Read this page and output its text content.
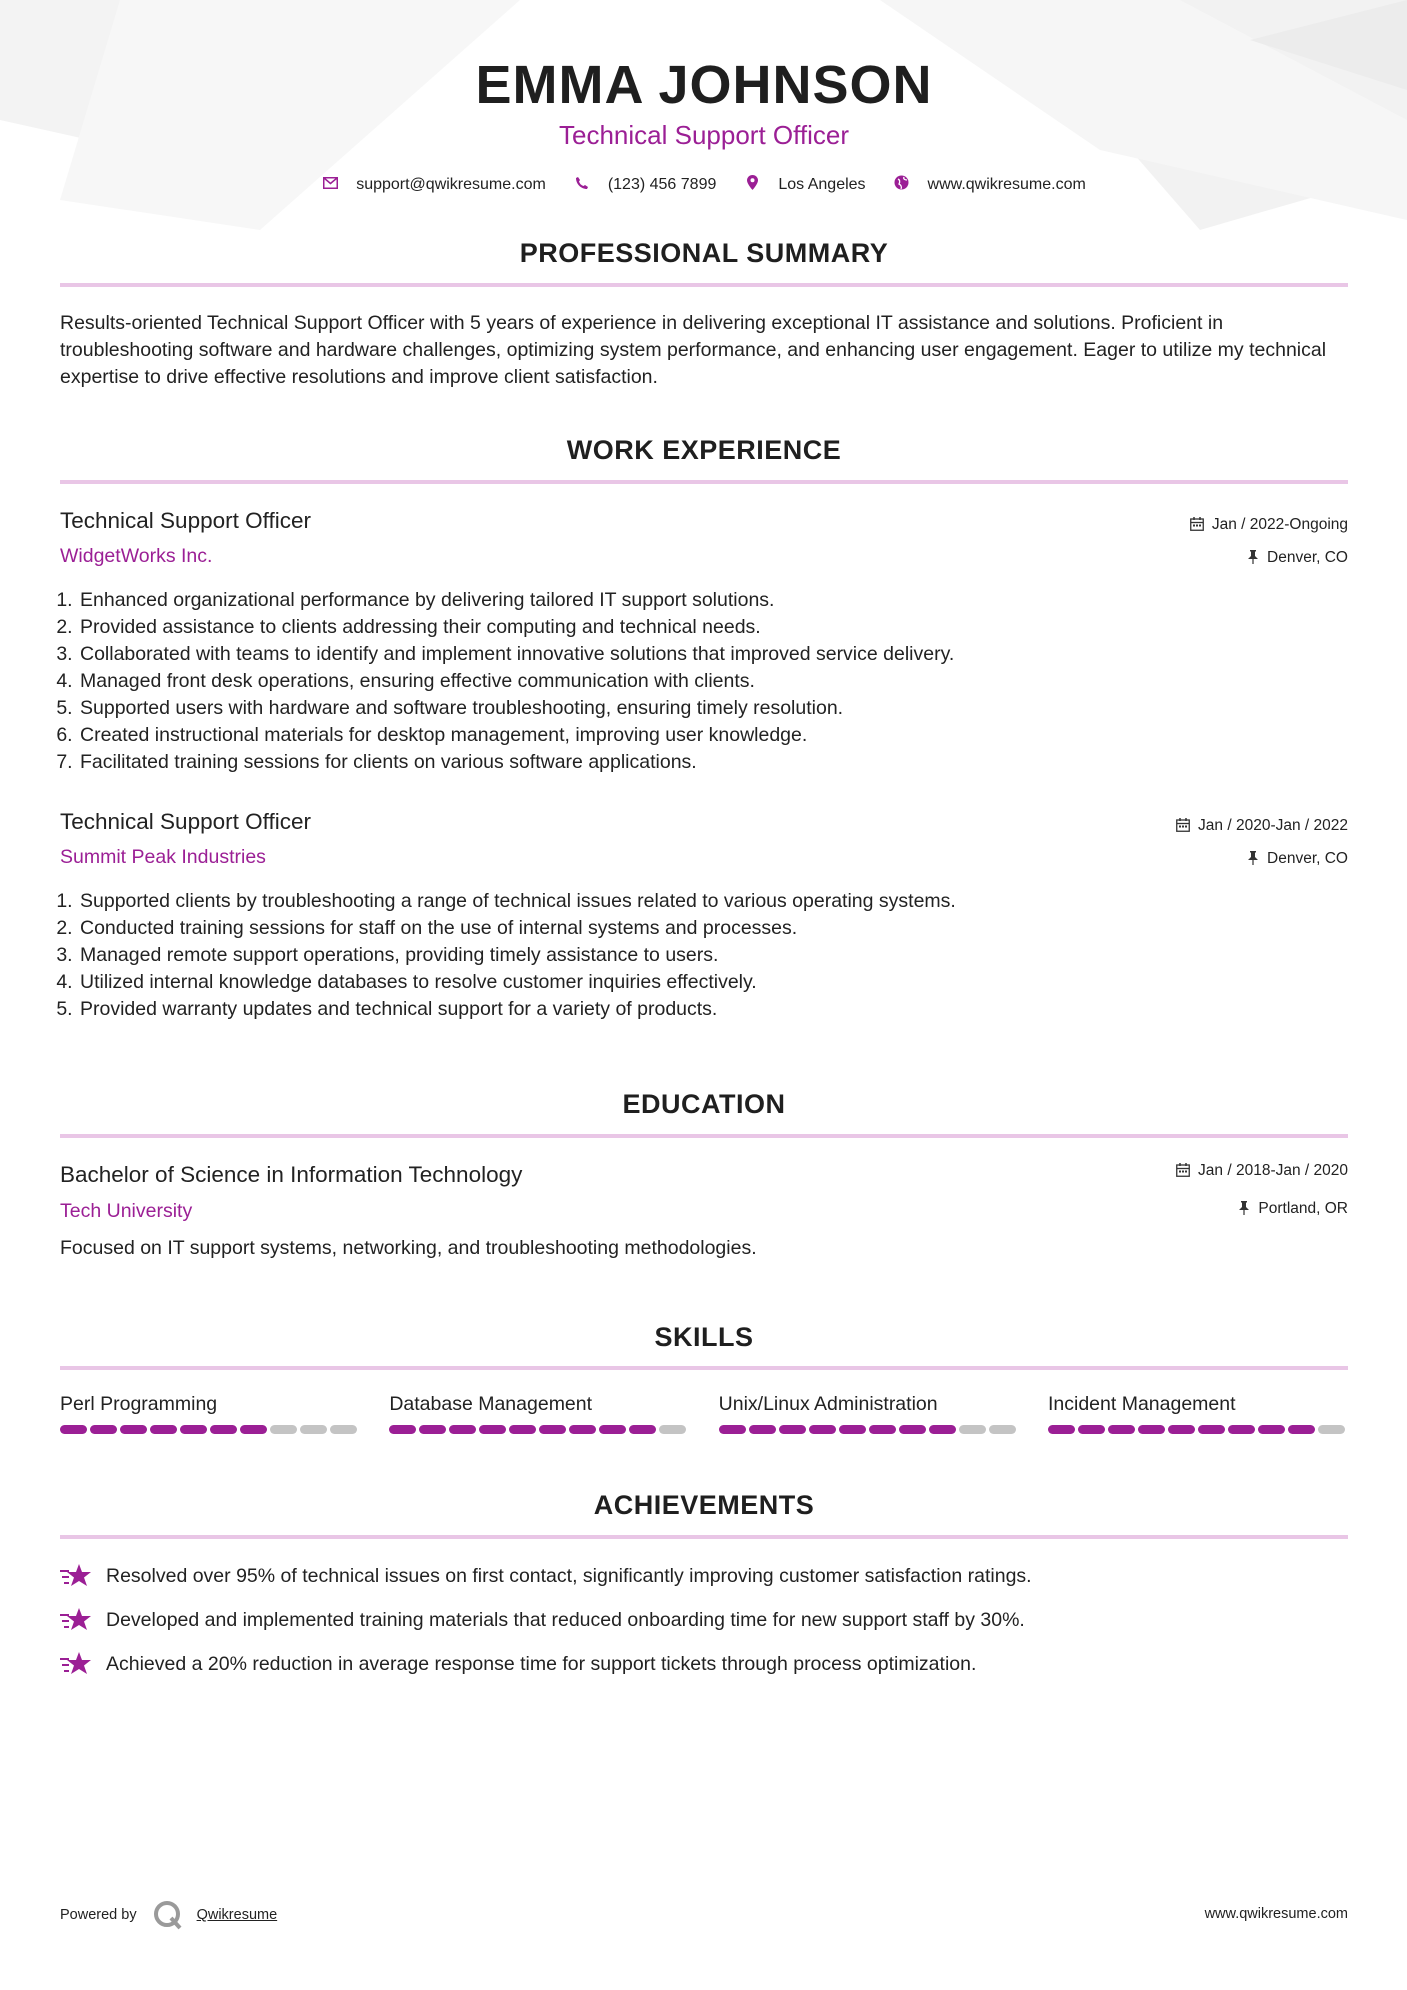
EMMA JOHNSON
Technical Support Officer
support@qwikresume.com	(123) 456 7899	Los Angeles	www.qwikresume.com
PROFESSIONAL SUMMARY
Results-oriented Technical Support Officer with 5 years of experience in delivering exceptional IT assistance and solutions. Proficient in troubleshooting software and hardware challenges, optimizing system performance, and enhancing user engagement. Eager to utilize my technical expertise to drive effective resolutions and improve client satisfaction.
WORK EXPERIENCE
Technical Support Officer
WidgetWorks Inc.
Jan / 2022-Ongoing
Denver, CO
1. Enhanced organizational performance by delivering tailored IT support solutions.
2. Provided assistance to clients addressing their computing and technical needs.
3. Collaborated with teams to identify and implement innovative solutions that improved service delivery.
4. Managed front desk operations, ensuring effective communication with clients.
5. Supported users with hardware and software troubleshooting, ensuring timely resolution.
6. Created instructional materials for desktop management, improving user knowledge.
7. Facilitated training sessions for clients on various software applications.
Technical Support Officer
Summit Peak Industries
Jan / 2020-Jan / 2022
Denver, CO
1. Supported clients by troubleshooting a range of technical issues related to various operating systems.
2. Conducted training sessions for staff on the use of internal systems and processes.
3. Managed remote support operations, providing timely assistance to users.
4. Utilized internal knowledge databases to resolve customer inquiries effectively.
5. Provided warranty updates and technical support for a variety of products.
EDUCATION
Bachelor of Science in Information Technology
Tech University
Jan / 2018-Jan / 2020
Portland, OR
Focused on IT support systems, networking, and troubleshooting methodologies.
SKILLS
Perl Programming	Database Management	Unix/Linux Administration	Incident Management
ACHIEVEMENTS
Resolved over 95% of technical issues on first contact, significantly improving customer satisfaction ratings.
Developed and implemented training materials that reduced onboarding time for new support staff by 30%.
Achieved a 20% reduction in average response time for support tickets through process optimization.
Powered by	Qwikresume	www.qwikresume.com
